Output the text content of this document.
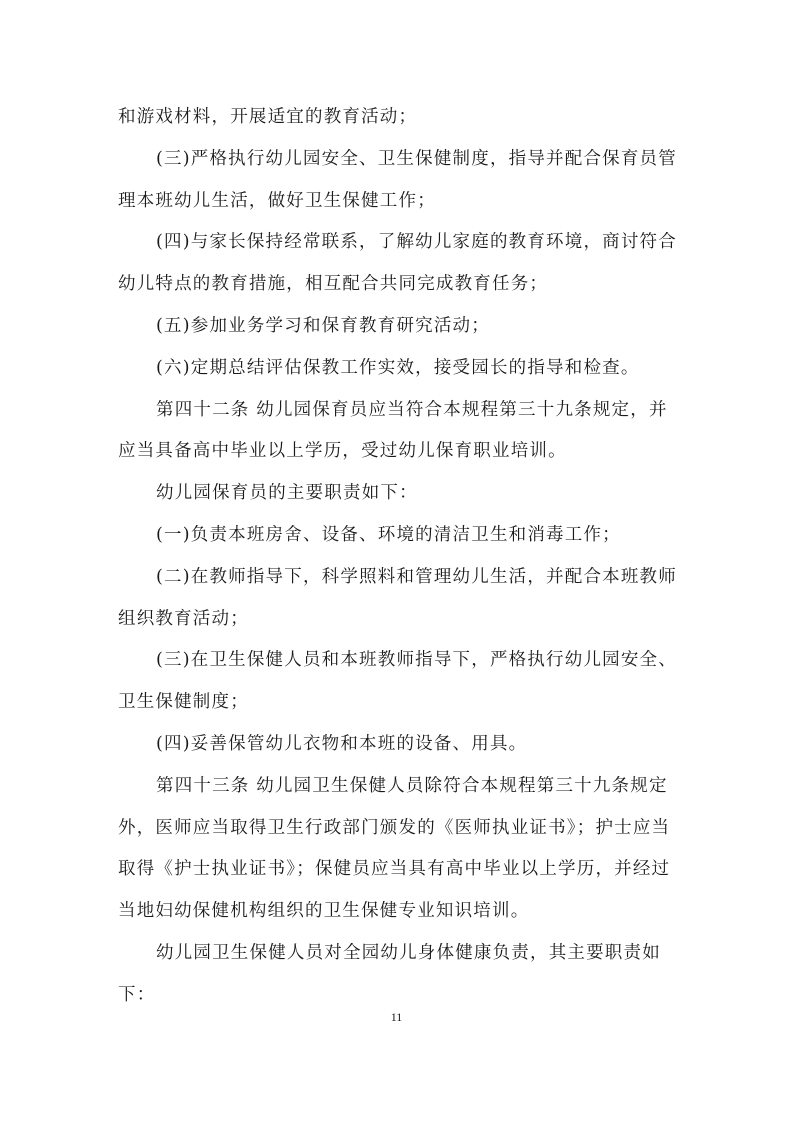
和游戏材料，开展适宜的教育活动；
(三)严格执行幼儿园安全、卫生保健制度，指导并配合保育员管
理本班幼儿生活，做好卫生保健工作；
(四)与家长保持经常联系，了解幼儿家庭的教育环境，商讨符合
幼儿特点的教育措施，相互配合共同完成教育任务；
(五)参加业务学习和保育教育研究活动；
(六)定期总结评估保教工作实效，接受园长的指导和检查。
第四十二条 幼儿园保育员应当符合本规程第三十九条规定，并
应当具备高中毕业以上学历，受过幼儿保育职业培训。
幼儿园保育员的主要职责如下：
(一)负责本班房舍、设备、环境的清洁卫生和消毒工作；
(二)在教师指导下，科学照料和管理幼儿生活，并配合本班教师
组织教育活动；
(三)在卫生保健人员和本班教师指导下，严格执行幼儿园安全、
卫生保健制度；
(四)妥善保管幼儿衣物和本班的设备、用具。
第四十三条 幼儿园卫生保健人员除符合本规程第三十九条规定
外，医师应当取得卫生行政部门颁发的《医师执业证书》；护士应当
取得《护士执业证书》；保健员应当具有高中毕业以上学历，并经过
当地妇幼保健机构组织的卫生保健专业知识培训。
幼儿园卫生保健人员对全园幼儿身体健康负责，其主要职责如
下：
11
